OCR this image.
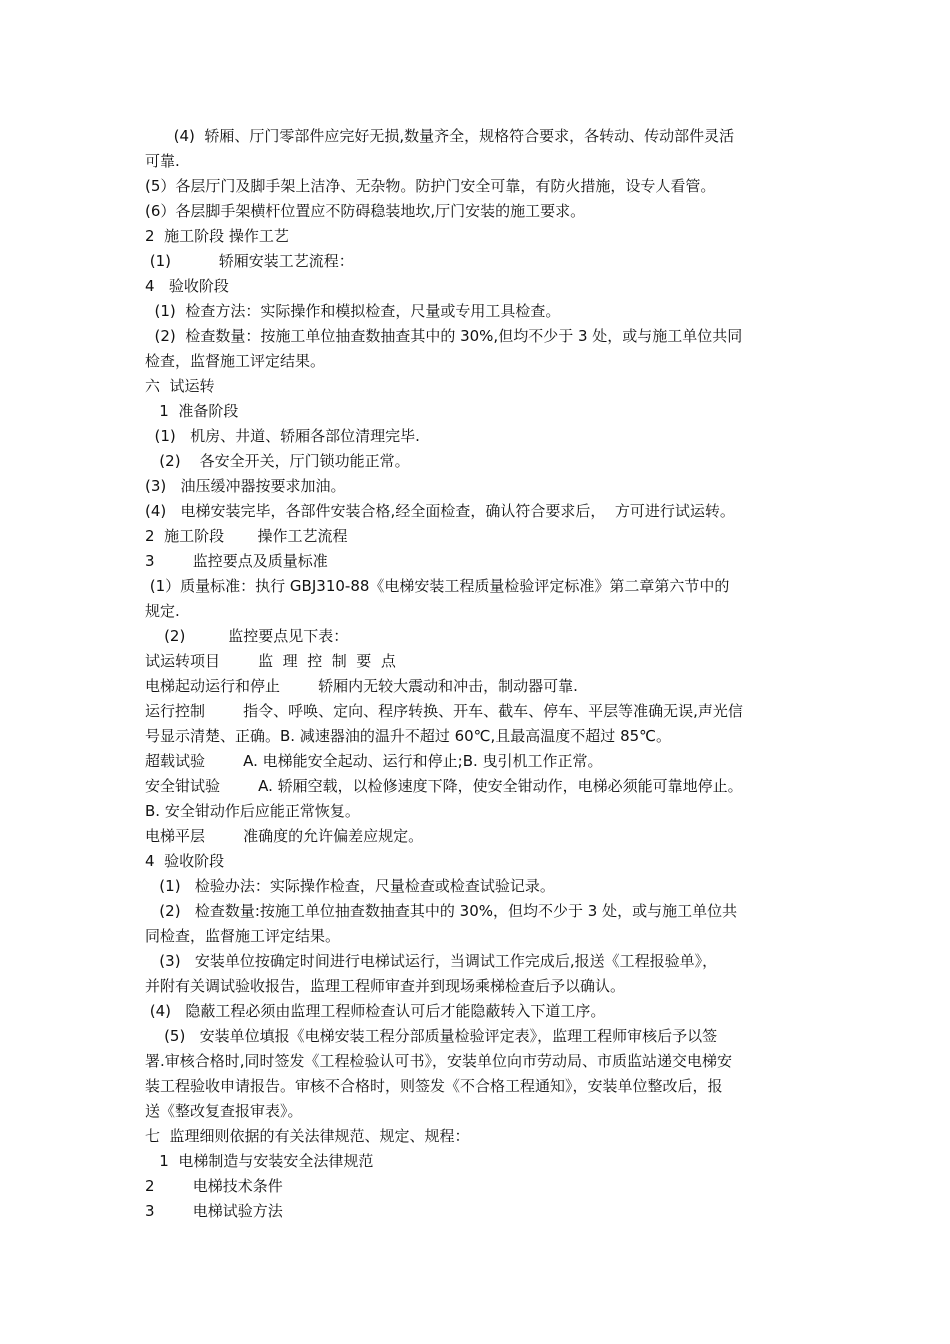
(4)  轿厢、厅门零部件应完好无损,数量齐全，规格符合要求，各转动、传动部件灵活
可靠.
(5）各层厅门及脚手架上洁净、无杂物。防护门安全可靠，有防火措施，设专人看管。
(6）各层脚手架横杆位置应不防碍稳装地坎,厅门安装的施工要求。
2  施工阶段 操作工艺
(1)          轿厢安装工艺流程：
4   验收阶段
(1)  检查方法：实际操作和模拟检查，尺量或专用工具检查。
(2)  检查数量：按施工单位抽查数抽查其中的 30%,但均不少于 3 处，或与施工单位共同
检查，监督施工评定结果。
六  试运转
1  准备阶段
(1)   机房、井道、轿厢各部位清理完毕.
(2)    各安全开关，厅门锁功能正常。
(3)   油压缓冲器按要求加油。
(4)   电梯安装完毕，各部件安装合格,经全面检查，确认符合要求后，  方可进行试运转。
2  施工阶段       操作工艺流程
3        监控要点及质量标准
(1）质量标准：执行 GBJ310-88《电梯安装工程质量检验评定标准》第二章第六节中的
规定.
(2)         监控要点见下表：
试运转项目        监  理  控  制  要  点
电梯起动运行和停止        轿厢内无较大震动和冲击，制动器可靠.
运行控制        指令、呼唤、定向、程序转换、开车、截车、停车、平层等准确无误,声光信
号显示清楚、正确。B. 减速器油的温升不超过 60℃,且最高温度不超过 85℃。
超载试验        A. 电梯能安全起动、运行和停止;B. 曳引机工作正常。
安全钳试验        A. 轿厢空载，以检修速度下降，使安全钳动作，电梯必须能可靠地停止。
B. 安全钳动作后应能正常恢复。
电梯平层        准确度的允许偏差应规定。
4  验收阶段
(1)   检验办法：实际操作检查，尺量检查或检查试验记录。
(2)   检查数量:按施工单位抽查数抽查其中的 30%，但均不少于 3 处，或与施工单位共
同检查，监督施工评定结果。
(3)   安装单位按确定时间进行电梯试运行，当调试工作完成后,报送《工程报验单》，
并附有关调试验收报告，监理工程师审查并到现场乘梯检查后予以确认。
(4)   隐蔽工程必须由监理工程师检查认可后才能隐蔽转入下道工序。
(5)   安装单位填报《电梯安装工程分部质量检验评定表》，监理工程师审核后予以签
署.审核合格时,同时签发《工程检验认可书》，安装单位向市劳动局、市质监站递交电梯安
装工程验收申请报告。审核不合格时，则签发《不合格工程通知》，安装单位整改后，报
送《整改复查报审表》。
七  监理细则依据的有关法律规范、规定、规程：
1  电梯制造与安装安全法律规范
2        电梯技术条件
3        电梯试验方法
